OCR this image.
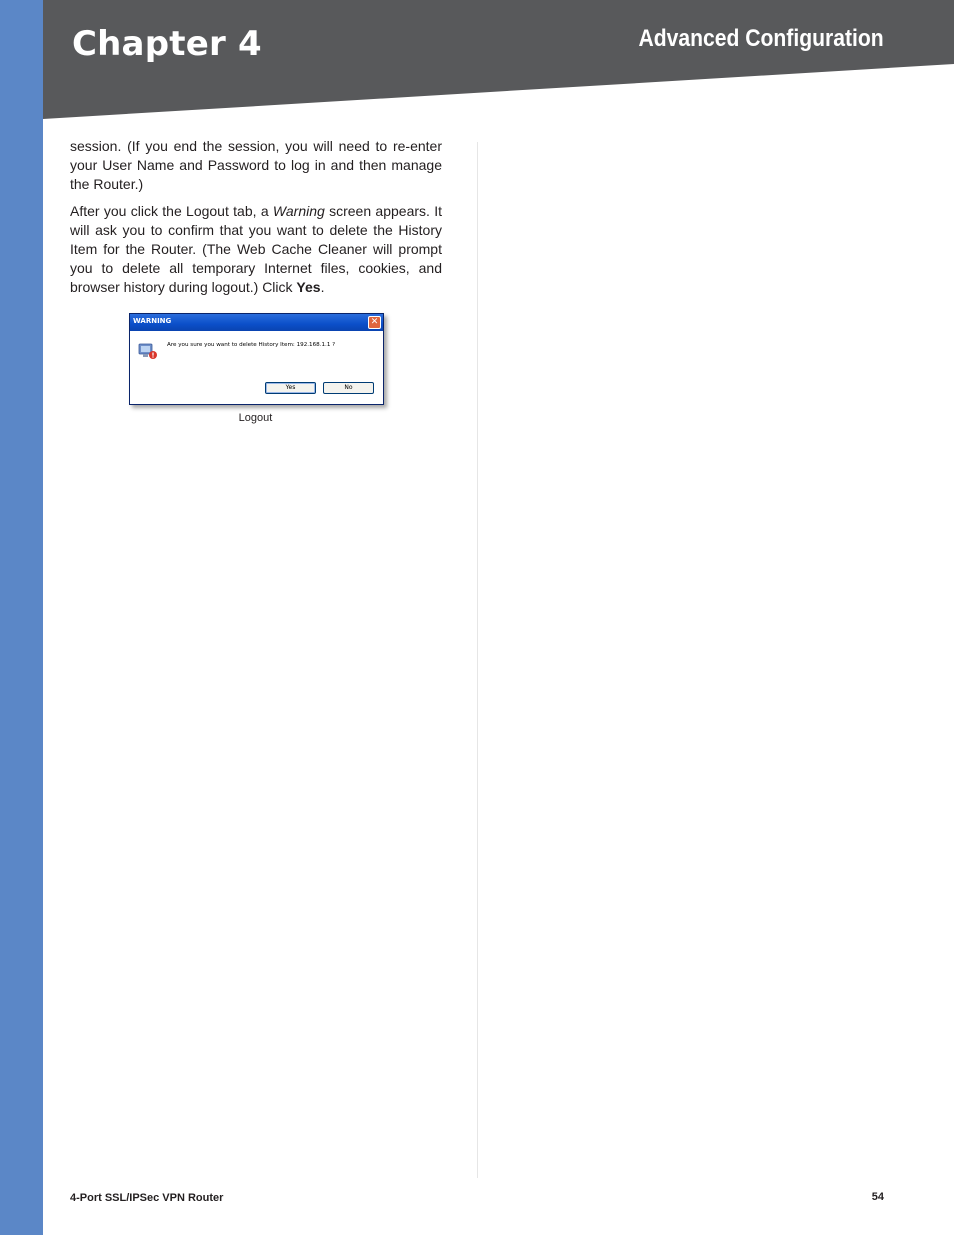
Chapter 4	Advanced Configuration

session. (If you end the session, you will need to re-enter your User Name and Password to log in and then manage the Router.)

After you click the Logout tab, a Warning screen appears. It will ask you to confirm that you want to delete the History Item for the Router. (The Web Cache Cleaner will prompt you to delete all temporary Internet files, cookies, and browser history during logout.) Click Yes.

WARNING	✕
Are you sure you want to delete History Item: 192.168.1.1 ?
Yes	No
Logout
4-Port SSL/IPSec VPN Router	54
